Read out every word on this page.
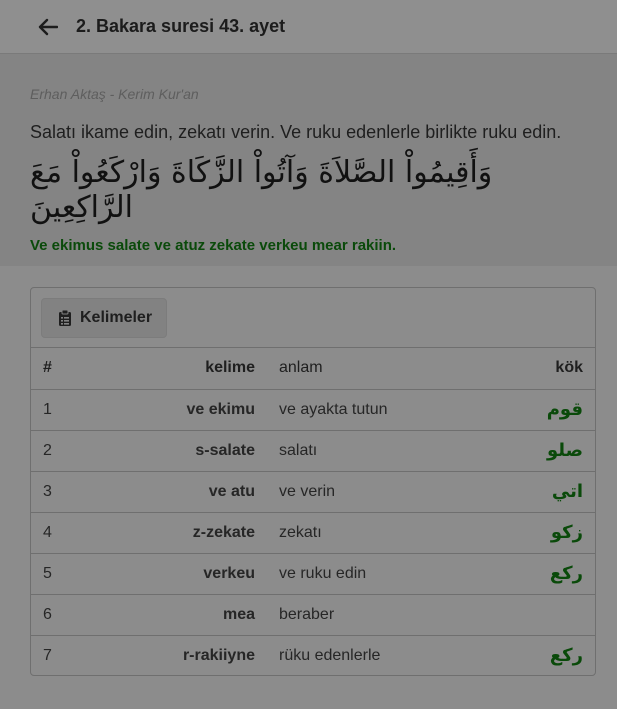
2. Bakara suresi 43. ayet
Erhan Aktaş - Kerim Kur'an
Salatı ikame edin, zekatı verin. Ve ruku edenlerle birlikte ruku edin.
وَأَقِيمُواْ الصَّلاَةَ وَآتُواْ الزَّكَاةَ وَارْكَعُواْ مَعَ الرَّاكِعِينَ
Ve ekimus salate ve atuz zekate verkeu mear rakiin.
Kelimeler
#	kelime	anlam	kök
1	ve ekimu	ve ayakta tutun	قوم
2	s-salate	salatı	صلو
3	ve atu	ve verin	اتي
4	z-zekate	zekatı	زكو
5	verkeu	ve ruku edin	ركع
6	mea	beraber	
7	r-rakiiyne	rüku edenlerle	ركع
